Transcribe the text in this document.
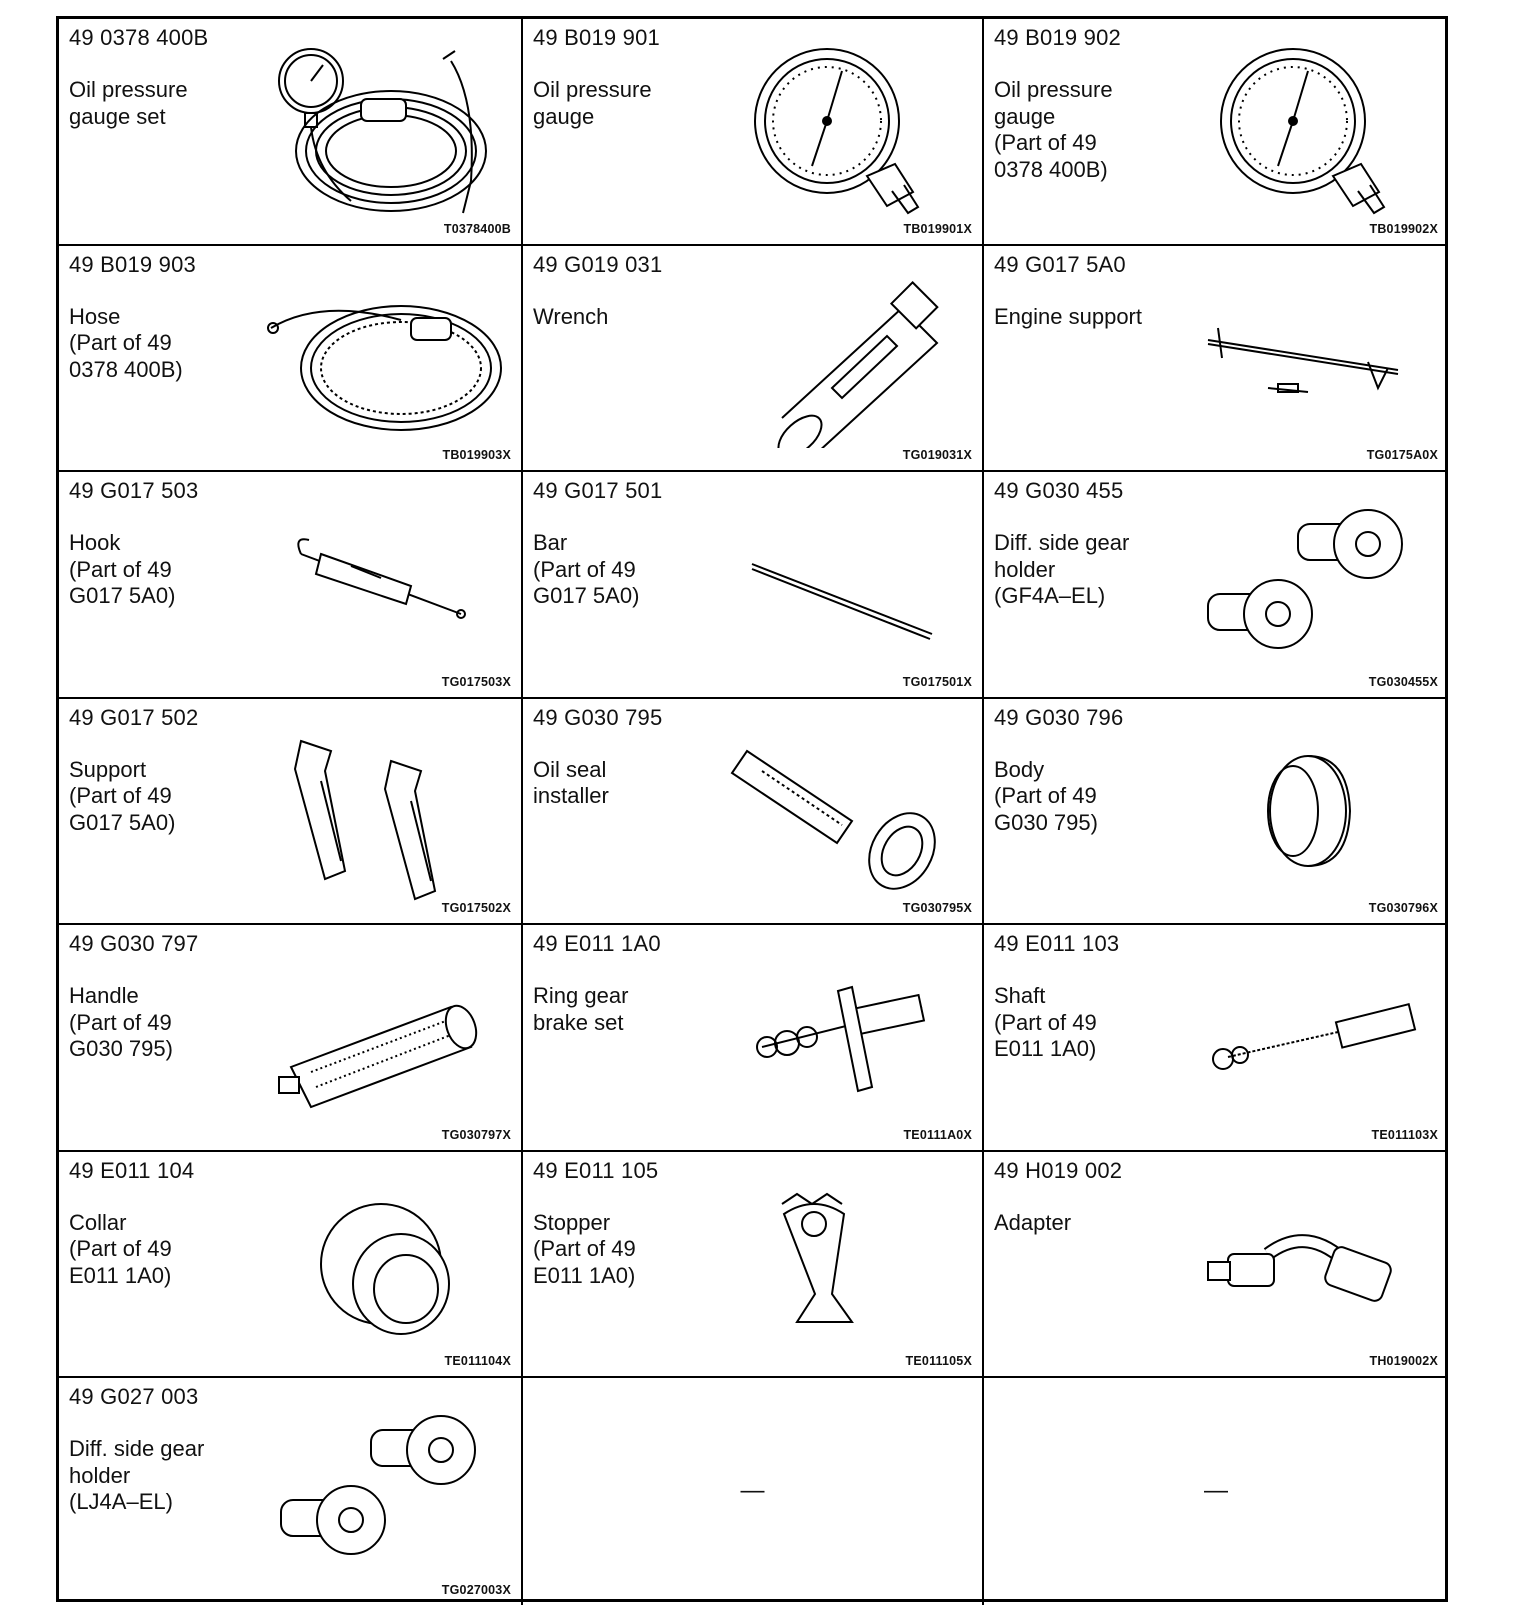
49 0378 400B
Oil pressure
gauge set
T0378400B
49 B019 901
Oil pressure
gauge
TB019901X
49 B019 902
Oil pressure
gauge
(Part of 49
0378 400B)
TB019902X
49 B019 903
Hose
(Part of 49
0378 400B)
TB019903X
49 G019 031
Wrench
TG019031X
49 G017 5A0
Engine support
TG0175A0X
49 G017 503
Hook
(Part of 49
G017 5A0)
TG017503X
49 G017 501
Bar
(Part of 49
G017 5A0)
TG017501X
49 G030 455
Diff. side gear
holder
(GF4A–EL)
TG030455X
49 G017 502
Support
(Part of 49
G017 5A0)
TG017502X
49 G030 795
Oil seal
installer
TG030795X
49 G030 796
Body
(Part of 49
G030 795)
TG030796X
49 G030 797
Handle
(Part of 49
G030 795)
TG030797X
49 E011 1A0
Ring gear
brake set
TE0111A0X
49 E011 103
Shaft
(Part of 49
E011 1A0)
TE011103X
49 E011 104
Collar
(Part of 49
E011 1A0)
TE011104X
49 E011 105
Stopper
(Part of 49
E011 1A0)
TE011105X
49 H019 002
Adapter
TH019002X
49 G027 003
Diff. side gear
holder
(LJ4A–EL)
TG027003X
—	—
